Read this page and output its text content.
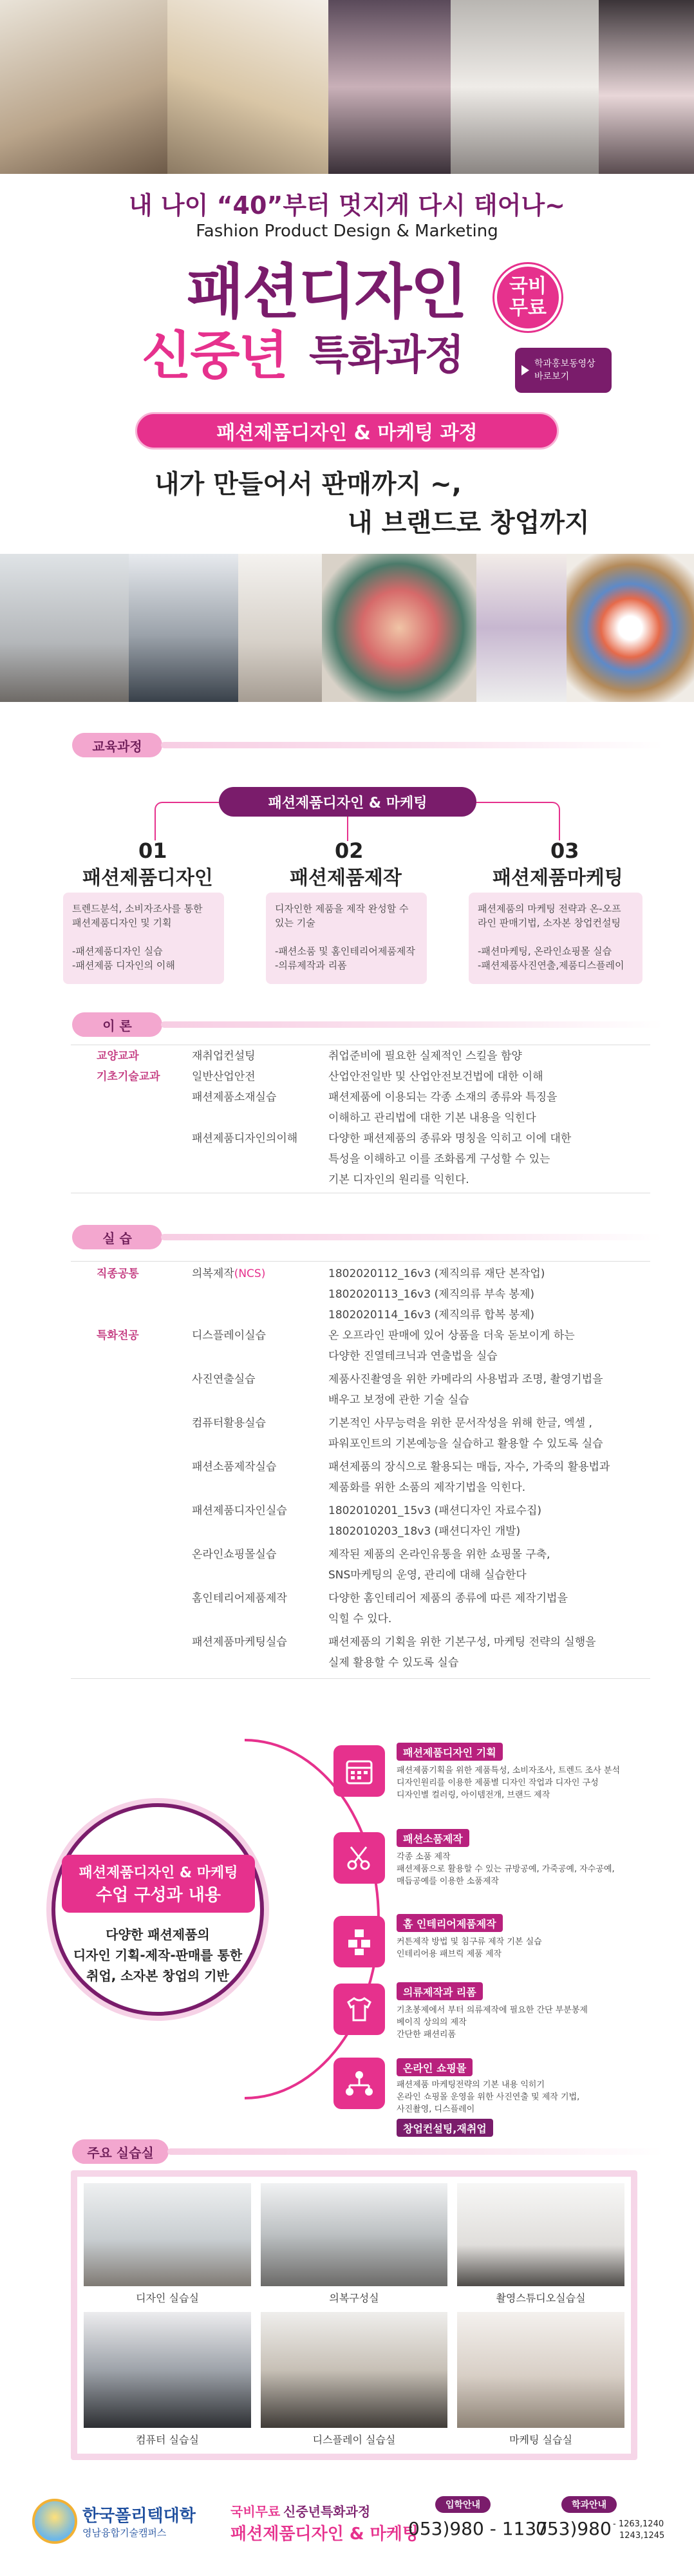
내 나이 “40”부터 멋지게 다시 태어나~
Fashion Product Design & Marketing
패션디자인
신중년 특화과정
국비
무료
학과홍보동영상
바로보기
패션제품디자인 & 마케팅 과정
내가 만들어서 판매까지 ~,
내 브랜드로 창업까지
교육과정
패션제품디자인 & 마케팅
01
패션제품디자인
트렌드분석, 소비자조사를 통한
패션제품디자인 및 기획

-패션제품디자인 실습
-패션제품 디자인의 이해
02
패션제품제작
디자인한 제품을 제작 완성할 수
있는 기술

-패션소품 및 홈인테리어제품제작
-의류제작과 리폼
03
패션제품마케팅
패션제품의 마케팅 전략과 온-오프
라인 판매기법, 소자본 창업컨설팅

-패션마케팅, 온라인쇼핑몰 실습
-패션제품사진연출,제품디스플레이
이 론
교양교과	재취업컨설팅	취업준비에 필요한 실제적인 스킬을 함양
기초기술교과	일반산업안전	산업안전일반 및 산업안전보건법에 대한 이해
패션제품소재실습	패션제품에 이용되는 각종 소재의 종류와 특징을
이해하고 관리법에 대한 기본 내용을 익힌다
패션제품디자인의이해	다양한 패션제품의 종류와 명칭을 익히고 이에 대한
특성을 이해하고 이를 조화롭게 구성할 수 있는
기본 디자인의 원리를 익힌다.
실 습
직종공통	의복제작(NCS)	1802020112_16v3 (제직의류 재단 본작업)
1802020113_16v3 (제직의류 부속 봉제)
1802020114_16v3 (제직의류 합복 봉제)
특화전공	디스플레이실습	온 오프라인 판매에 있어 상품을 더욱 돋보이게 하는
다양한 진열테크닉과 연출법을 실습
사진연출실습	제품사진촬영을 위한 카메라의 사용법과 조명, 촬영기법을
배우고 보정에 관한 기술 실습
컴퓨터활용실습	기본적인 사무능력을 위한 문서작성을 위해 한글, 엑셀 ,
파워포인트의 기본예능을 실습하고 활용할 수 있도록 실습
패션소품제작실습	패션제품의 장식으로 활용되는 매듭, 자수, 가죽의 활용법과
제품화를 위한 소품의 제작기법을 익힌다.
패션제품디자인실습	1802010201_15v3 (패션디자인 자료수집)
1802010203_18v3 (패션디자인 개발)
온라인쇼핑몰실습	제작된 제품의 온라인유통을 위한 쇼핑몰 구축,
SNS마케팅의 운영, 관리에 대해 실습한다
홈인테리어제품제작	다양한 홈인테리어 제품의 종류에 따른 제작기법을
익힐 수 있다.
패션제품마케팅실습	패션제품의 기획을 위한 기본구성, 마케팅 전략의 실행을
실제 활용할 수 있도록 실습
패션제품디자인 & 마케팅
수업 구성과 내용
다양한 패션제품의
디자인 기획-제작-판매를 통한
취업, 소자본 창업의 기반
패션제품디자인 기획
패션제품기획을 위한 제품특성, 소비자조사, 트렌드 조사 분석
디자인원리를 이용한 제품별 디자인 작업과 디자인 구성
디자인별 컬러링, 아이템전개, 브랜드 제작
패션소품제작
각종 소품 제작
패션제품으로 활용할 수 있는 규방공예, 가죽공예, 자수공예,
매듭공예를 이용한 소품제작
홈 인테리어제품제작
커튼제작 방법 및 침구류 제작 기본 실습
인테리어용 패브릭 제품 제작
의류제작과 리폼
기초봉제에서 부터 의류제작에 필요한 간단 부분봉제
베이직 상의의 제작
간단한 패션리폼
온라인 쇼핑몰
패션제품 마케팅전략의 기본 내용 익히기
온라인 쇼핑몰 운영을 위한 사진연출 및 제작 기법,
사진촬영, 디스플레이
창업컨설팅,재취업
주요 실습실
디자인 실습실	의복구성실	촬영스튜디오실습실
컴퓨터 실습실	디스플레이 실습실	마케팅 실습실
한국폴리텍대학
영남융합기술캠퍼스
국비무료 신중년특화과정
패션제품디자인 & 마케팅
입학안내
053)980 - 1137
학과안내
053)980 - 1263,1240
1243,1245
